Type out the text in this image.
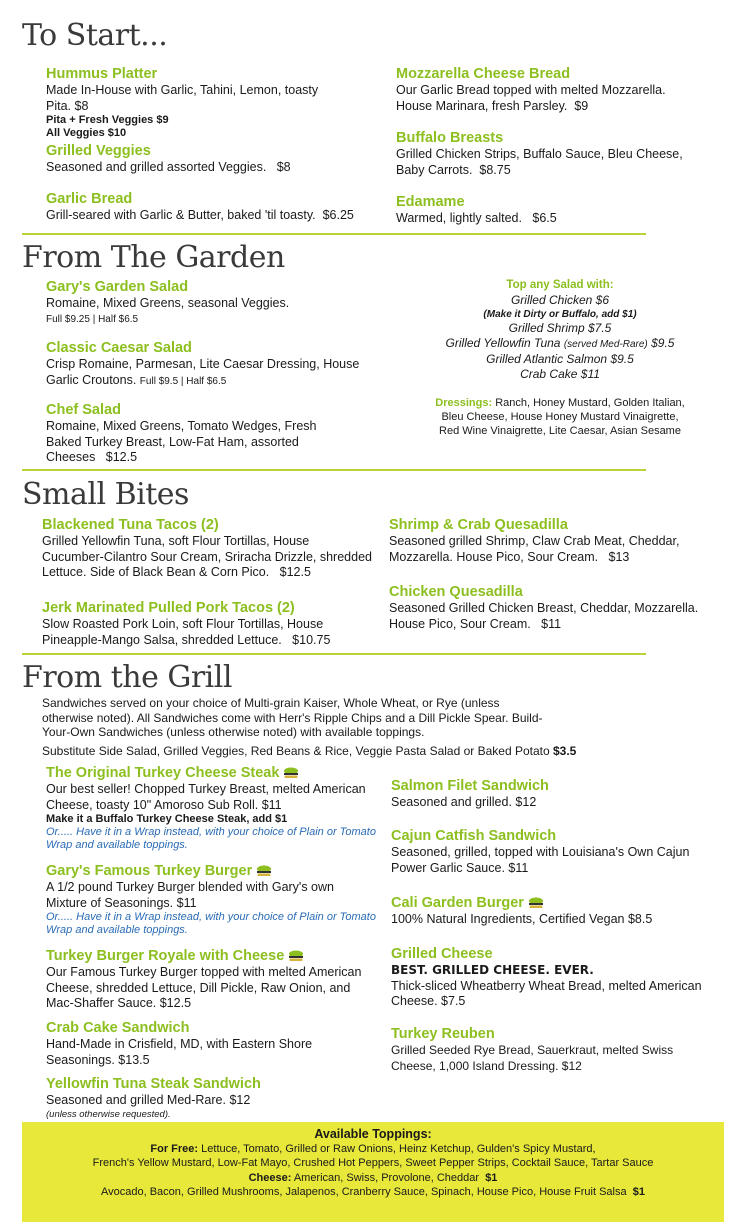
To Start...
Hummus Platter
Made In-House with Garlic, Tahini, Lemon, toasty Pita. $8
Pita + Fresh Veggies $9
All Veggies $10
Grilled Veggies
Seasoned and grilled assorted Veggies. $8
Garlic Bread
Grill-seared with Garlic & Butter, baked 'til toasty. $6.25
Mozzarella Cheese Bread
Our Garlic Bread topped with melted Mozzarella. House Marinara, fresh Parsley. $9
Buffalo Breasts
Grilled Chicken Strips, Buffalo Sauce, Bleu Cheese, Baby Carrots. $8.75
Edamame
Warmed, lightly salted. $6.5
From The Garden
Gary's Garden Salad
Romaine, Mixed Greens, seasonal Veggies.
Full $9.25 | Half $6.5
Classic Caesar Salad
Crisp Romaine, Parmesan, Lite Caesar Dressing, House Garlic Croutons. Full $9.5 | Half $6.5
Chef Salad
Romaine, Mixed Greens, Tomato Wedges, Fresh Baked Turkey Breast, Low-Fat Ham, assorted Cheeses $12.5
Top any Salad with:
Grilled Chicken $6
(Make it Dirty or Buffalo, add $1)
Grilled Shrimp $7.5
Grilled Yellowfin Tuna (served Med-Rare) $9.5
Grilled Atlantic Salmon $9.5
Crab Cake $11
Dressings: Ranch, Honey Mustard, Golden Italian,
Bleu Cheese, House Honey Mustard Vinaigrette,
Red Wine Vinaigrette, Lite Caesar, Asian Sesame
Small Bites
Blackened Tuna Tacos (2)
Grilled Yellowfin Tuna, soft Flour Tortillas, House Cucumber-Cilantro Sour Cream, Sriracha Drizzle, shredded Lettuce. Side of Black Bean & Corn Pico. $12.5
Jerk Marinated Pulled Pork Tacos (2)
Slow Roasted Pork Loin, soft Flour Tortillas, House Pineapple-Mango Salsa, shredded Lettuce. $10.75
Shrimp & Crab Quesadilla
Seasoned grilled Shrimp, Claw Crab Meat, Cheddar, Mozzarella. House Pico, Sour Cream. $13
Chicken Quesadilla
Seasoned Grilled Chicken Breast, Cheddar, Mozzarella. House Pico, Sour Cream. $11
From the Grill
Sandwiches served on your choice of Multi-grain Kaiser, Whole Wheat, or Rye (unless otherwise noted). All Sandwiches come with Herr's Ripple Chips and a Dill Pickle Spear. Build-Your-Own Sandwiches (unless otherwise noted) with available toppings.
Substitute Side Salad, Grilled Veggies, Red Beans & Rice, Veggie Pasta Salad or Baked Potato $3.5
The Original Turkey Cheese Steak
Our best seller! Chopped Turkey Breast, melted American Cheese, toasty 10" Amoroso Sub Roll. $11
Make it a Buffalo Turkey Cheese Steak, add $1
Or..... Have it in a Wrap instead, with your choice of Plain or Tomato Wrap and available toppings.
Gary's Famous Turkey Burger
A 1/2 pound Turkey Burger blended with Gary's own Mixture of Seasonings. $11
Or..... Have it in a Wrap instead, with your choice of Plain or Tomato Wrap and available toppings.
Turkey Burger Royale with Cheese
Our Famous Turkey Burger topped with melted American Cheese, shredded Lettuce, Dill Pickle, Raw Onion, and Mac-Shaffer Sauce. $12.5
Crab Cake Sandwich
Hand-Made in Crisfield, MD, with Eastern Shore Seasonings. $13.5
Yellowfin Tuna Steak Sandwich
Seasoned and grilled Med-Rare. $12
(unless otherwise requested).
Salmon Filet Sandwich
Seasoned and grilled. $12
Cajun Catfish Sandwich
Seasoned, grilled, topped with Louisiana's Own Cajun Power Garlic Sauce. $11
Cali Garden Burger
100% Natural Ingredients, Certified Vegan $8.5
Grilled Cheese
BEST. GRILLED CHEESE. EVER.
Thick-sliced Wheatberry Wheat Bread, melted American Cheese. $7.5
Turkey Reuben
Grilled Seeded Rye Bread, Sauerkraut, melted Swiss Cheese, 1,000 Island Dressing. $12
Available Toppings:
For Free: Lettuce, Tomato, Grilled or Raw Onions, Heinz Ketchup, Gulden's Spicy Mustard,
French's Yellow Mustard, Low-Fat Mayo, Crushed Hot Peppers, Sweet Pepper Strips, Cocktail Sauce, Tartar Sauce
Cheese: American, Swiss, Provolone, Cheddar $1
Avocado, Bacon, Grilled Mushrooms, Jalapenos, Cranberry Sauce, Spinach, House Pico, House Fruit Salsa $1
